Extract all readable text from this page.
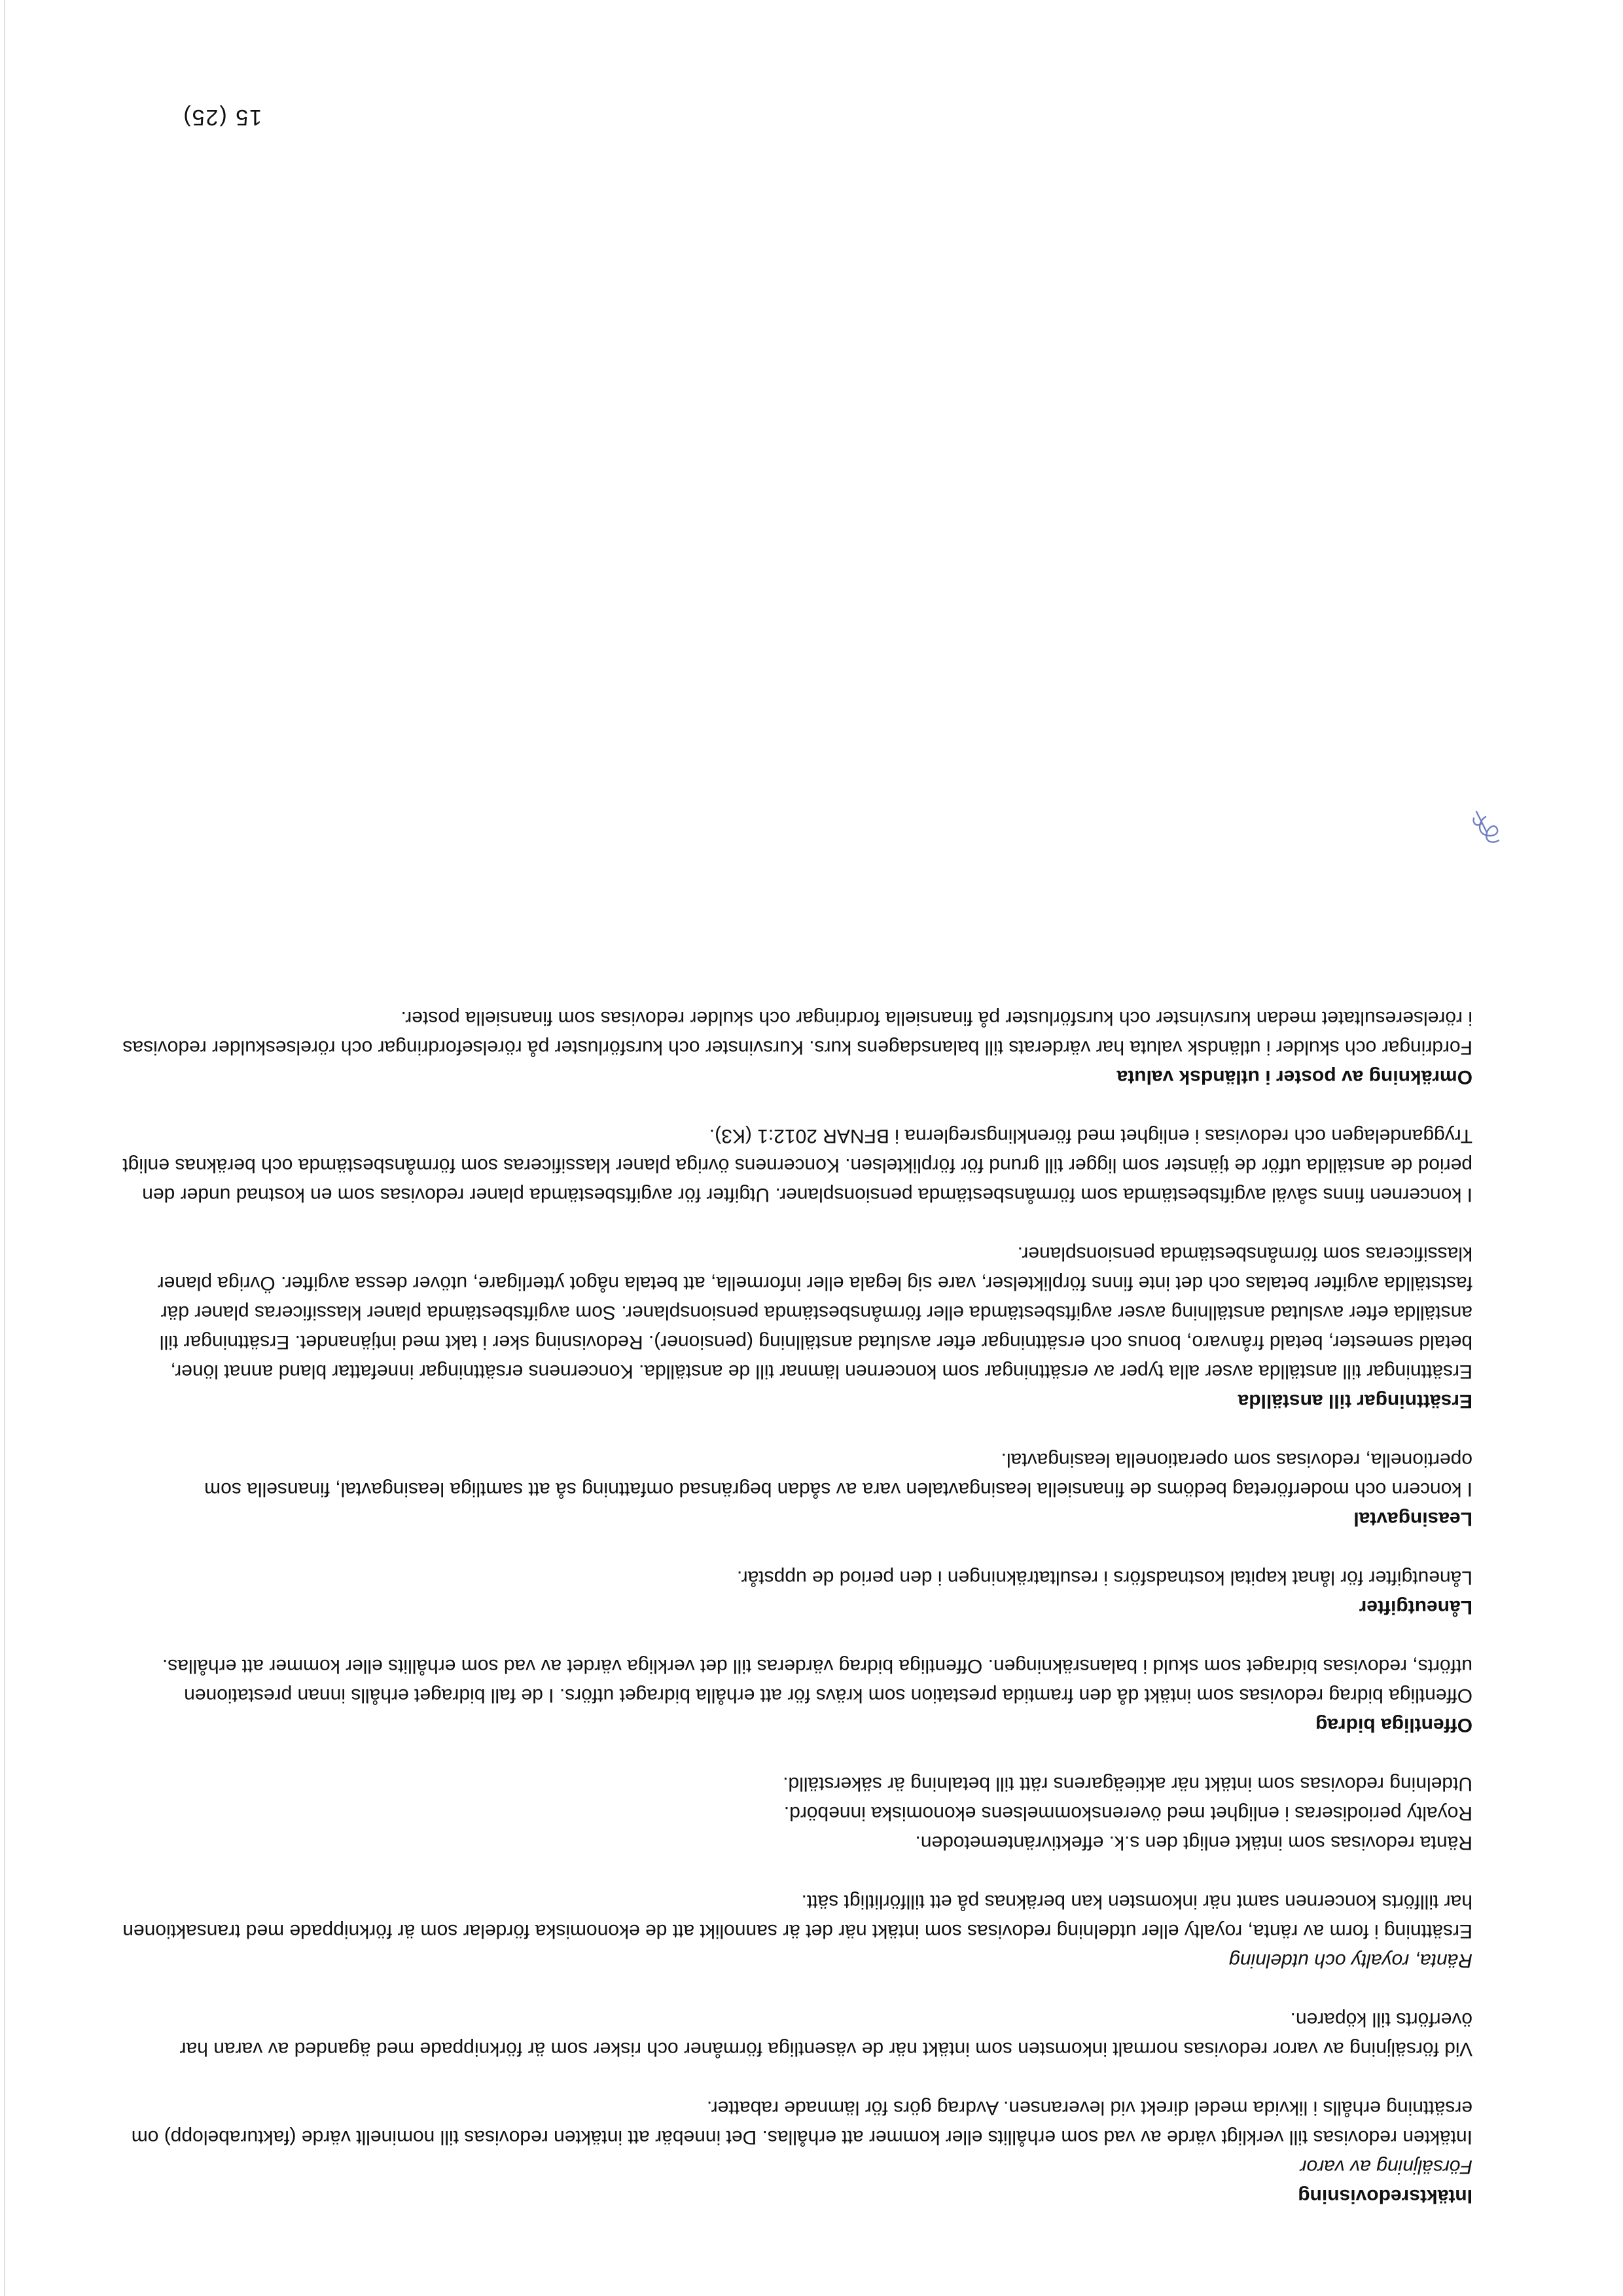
Intäktsredovisning
Försäljning av varor

Intäkten redovisas till verkligt värde av vad som erhållits eller kommer att erhållas. Det innebär att intäkten redovisas till nominellt värde (fakturabelopp) om ersättning erhålls i likvida medel direkt vid leveransen. Avdrag görs för lämnade rabatter.

Vid försäljning av varor redovisas normalt inkomsten som intäkt när de väsentliga förmåner och risker som är förknippade med äganded av varan har överförts till köparen.

Ränta, royalty och utdelning

Ersättning i form av ränta, royalty eller utdelning redovisas som intäkt när det är sannolikt att de ekonomiska fördelar som är förknippade med transaktionen har tillförts koncernen samt när inkomsten kan beräknas på ett tillförlitligt sätt.

Ränta redovisas som intäkt enligt den s.k. effektivräntemetoden.

Royalty periodiseras i enlighet med överenskommelsens ekonomiska innebörd.

Utdelning redovisas som intäkt när aktieägarens rätt till betalning är säkerställd.

Offentliga bidrag

Offentliga bidrag redovisas som intäkt då den framtida prestation som krävs för att erhålla bidraget utförs. I de fall bidraget erhålls innan prestationen utförts, redovisas bidraget som skuld i balansräkningen. Offentliga bidrag värderas till det verkliga värdet av vad som erhållits eller kommer att erhållas.

Låneutgifter

Låneutgifter för lånat kapital kostnadsförs i resultaträkningen i den period de uppstår.

Leasingavtal

I koncern och moderföretag bedöms de finansiella leasingavtalen vara av sådan begränsad omfattning så att samtliga leasingavtal, finansella som opertionella, redovisas som operationella leasingavtal.

Ersättningar till anställda

Ersättningar till anställda avser alla typer av ersättningar som koncernen lämnar till de anställda. Koncernens ersättningar innefattar bland annat löner, betald semester, betald frånvaro, bonus och ersättningar efter avslutad anställning (pensioner). Redovisning sker i takt med intjänandet. Ersättningar till anställda efter avslutad anställning avser avgiftsbestämda eller förmånsbestämda pensionsplaner. Som avgiftsbestämda planer klassificeras planer där fastställda avgifter betalas och det inte finns förpliktelser, vare sig legala eller informella, att betala något ytterligare, utöver dessa avgifter. Övriga planer klassificeras som förmånsbestämda pensionsplaner.

I koncernen finns såväl avgiftsbestämda som förmånsbestämda pensionsplaner. Utgifter för avgiftsbestämda planer redovisas som en kostnad under den period de anställda utför de tjänster som ligger till grund för förpliktelsen. Koncernens övriga planer klassificeras som förmånsbestämda och beräknas enligt Tryggandelagen och redovisas i enlighet med förenklingsreglerna i BFNAR 2012:1 (K3).

Omräkning av poster i utländsk valuta

Fordringar och skulder i utländsk valuta har värderats till balansdagens kurs. Kursvinster och kursförluster på rörelsefordringar och rörelseskulder redovisas i rörelseresultatet medan kursvinster och kursförluster på finansiella fordringar och skulder redovisas som finansiella poster.

15 (25)
